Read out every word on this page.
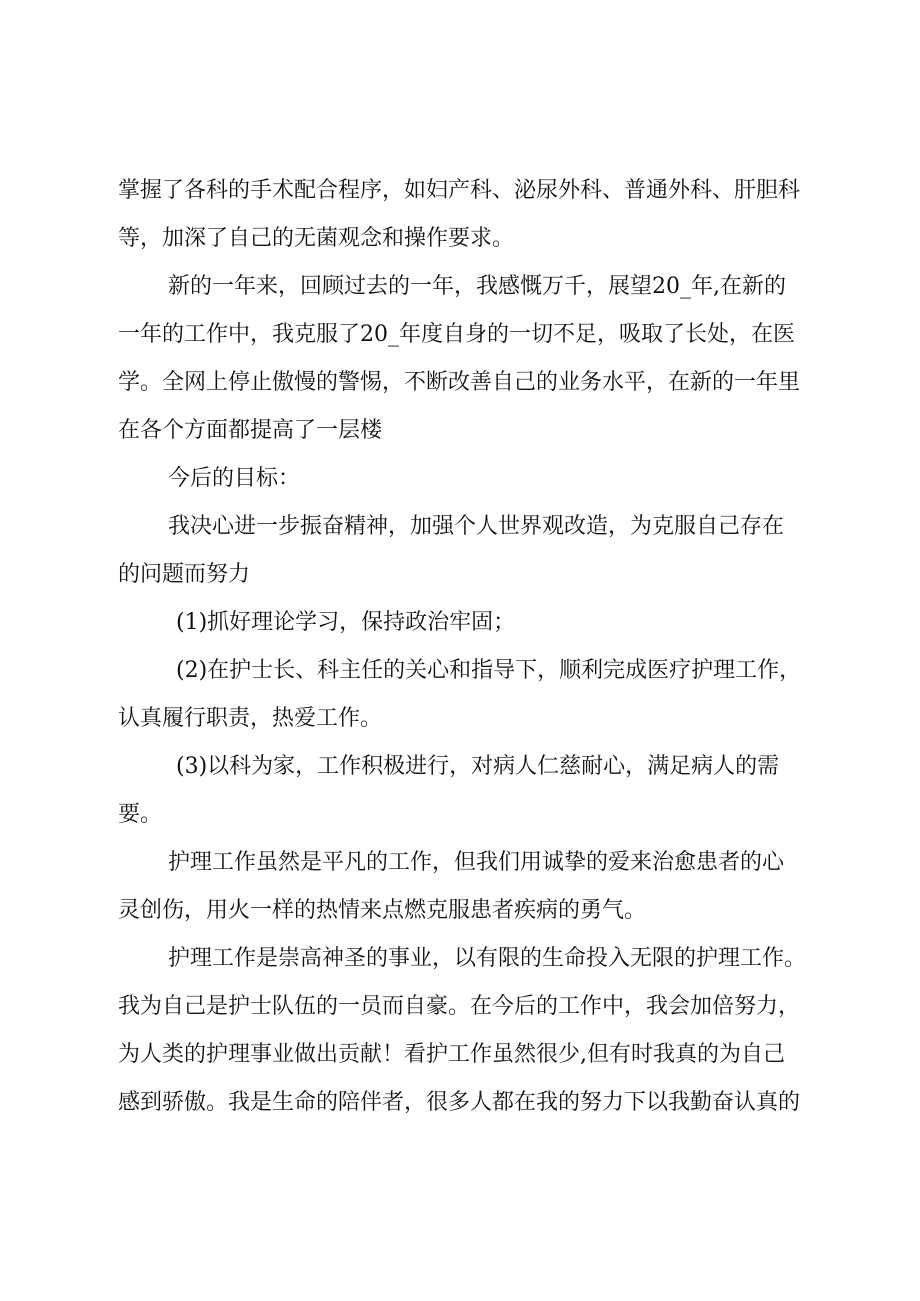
掌握了各科的手术配合程序，如妇产科、泌尿外科、普通外科、肝胆科
等，加深了自己的无菌观念和操作要求。
新的一年来，回顾过去的一年，我感慨万千，展望20_年,在新的
一年的工作中，我克服了20_年度自身的一切不足，吸取了长处，在医
学。全网上停止傲慢的警惕，不断改善自己的业务水平，在新的一年里
在各个方面都提高了一层楼
今后的目标：
我决心进一步振奋精神，加强个人世界观改造，为克服自己存在
的问题而努力
(1)抓好理论学习，保持政治牢固；
(2)在护士长、科主任的关心和指导下，顺利完成医疗护理工作，
认真履行职责，热爱工作。
(3)以科为家，工作积极进行，对病人仁慈耐心，满足病人的需
要。
护理工作虽然是平凡的工作，但我们用诚挚的爱来治愈患者的心
灵创伤，用火一样的热情来点燃克服患者疾病的勇气。
护理工作是崇高神圣的事业，以有限的生命投入无限的护理工作。
我为自己是护士队伍的一员而自豪。在今后的工作中，我会加倍努力，
为人类的护理事业做出贡献！看护工作虽然很少,但有时我真的为自己
感到骄傲。我是生命的陪伴者，很多人都在我的努力下以我勤奋认真的
